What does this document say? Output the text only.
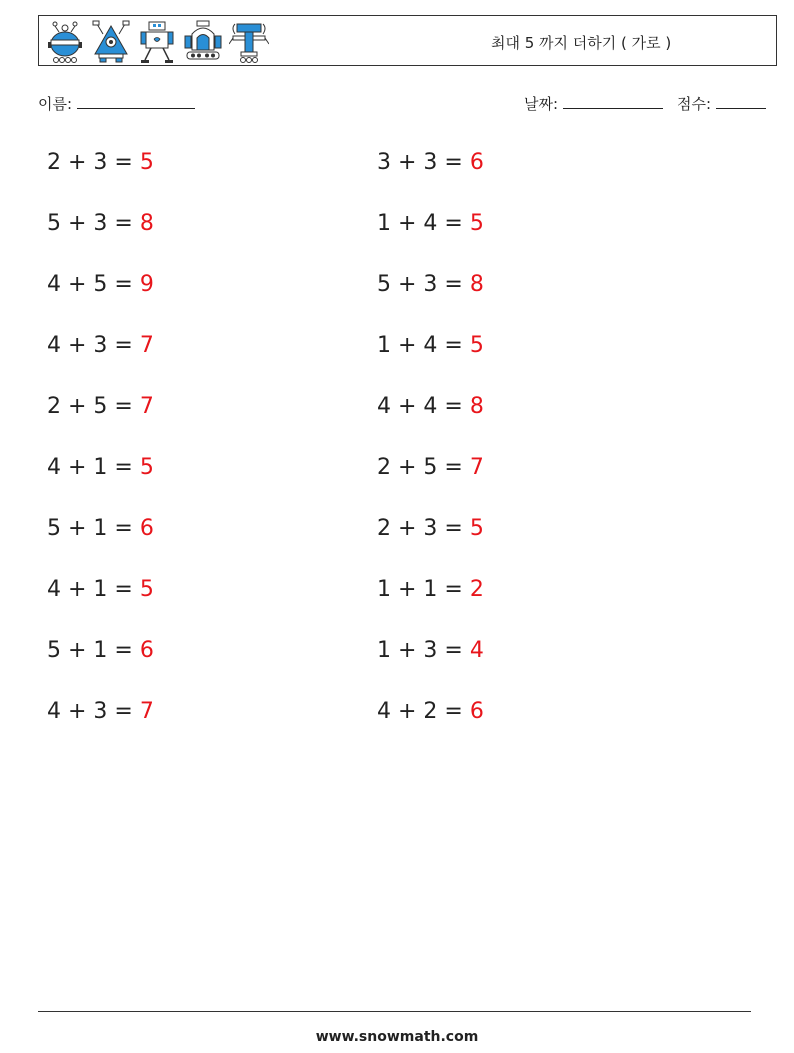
최대 5 까지 더하기 ( 가로 )
이름:	날짜:	점수:
2 + 3 = 5	3 + 3 = 6
5 + 3 = 8	1 + 4 = 5
4 + 5 = 9	5 + 3 = 8
4 + 3 = 7	1 + 4 = 5
2 + 5 = 7	4 + 4 = 8
4 + 1 = 5	2 + 5 = 7
5 + 1 = 6	2 + 3 = 5
4 + 1 = 5	1 + 1 = 2
5 + 1 = 6	1 + 3 = 4
4 + 3 = 7	4 + 2 = 6
www.snowmath.com
